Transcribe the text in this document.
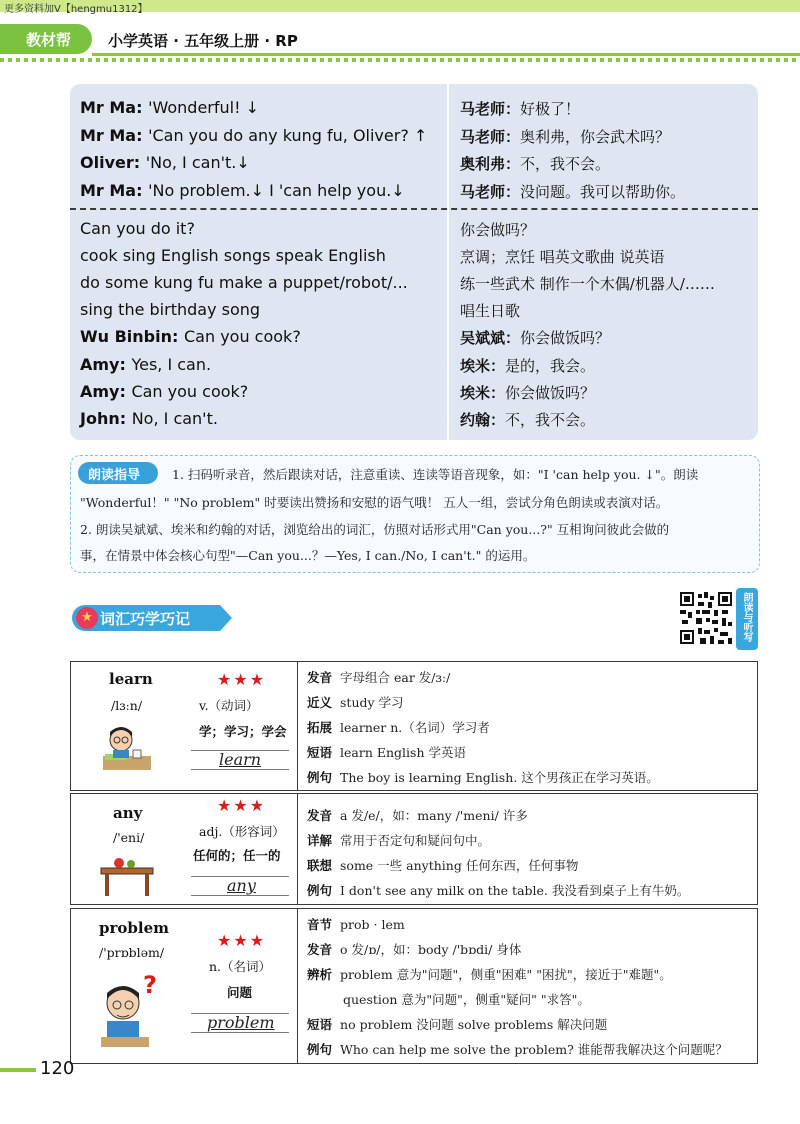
更多资料加V【hengmu1312】
教材帮 小学英语 · 五年级上册 · RP
Mr Ma: 'Wonderful! ↓
Mr Ma: 'Can you do any kung fu, Oliver? ↑
Oliver: 'No, I can't.↓
Mr Ma: 'No problem.↓ I 'can help you.↓
马老师：好极了！
马老师：奥利弗，你会武术吗？
奥利弗：不，我不会。
马老师：没问题。我可以帮助你。
Can you do it?
cook sing English songs speak English
do some kung fu make a puppet/robot/...
sing the birthday song
Wu Binbin: Can you cook?
Amy: Yes, I can.
Amy: Can you cook?
John: No, I can't.
你会做吗？
烹调；烹饪 唱英文歌曲 说英语
练一些武术 制作一个木偶/机器人/……
唱生日歌
吴斌斌：你会做饭吗？
埃米：是的，我会。
埃米：你会做饭吗？
约翰：不，我不会。
朗读指导	1. 扫码听录音，然后跟读对话，注意重读、连读等语音现象，如："I 'can help you. ↓"。朗读
"Wonderful！" "No problem" 时要读出赞扬和安慰的语气哦！ 五人一组，尝试分角色朗读或表演对话。
2. 朗读吴斌斌、埃米和约翰的对话，浏览给出的词汇，仿照对话形式用"Can you...?" 互相询问彼此会做的
事，在情景中体会核心句型"—Can you...？—Yes, I can./No, I can't." 的运用。
★ 词汇巧学巧记	朗读与听写
learn
/lɜːn/
★★★
v.（动词）
学；学习；学会
learn
发音 字母组合 ear 发/ɜː/
近义 study 学习
拓展 learner n.（名词）学习者
短语 learn English 学英语
例句 The boy is learning English. 这个男孩正在学习英语。
any
/'eni/
★★★
adj.（形容词）
任何的；任一的
any
发音 a 发/e/，如：many /'meni/ 许多
详解 常用于否定句和疑问句中。
联想 some 一些 anything 任何东西，任何事物
例句 I don't see any milk on the table. 我没看到桌子上有牛奶。
problem
/'prɒbləm/
?
★★★
n.（名词）
问题
problem
音节 prob · lem
发音 o 发/ɒ/，如：body /'bɒdi/ 身体
辨析 problem 意为"问题"，侧重"困难" "困扰"，接近于"难题"。
question 意为"问题"，侧重"疑问" "求答"。
短语 no problem 没问题 solve problems 解决问题
例句 Who can help me solve the problem? 谁能帮我解决这个问题呢？
120
